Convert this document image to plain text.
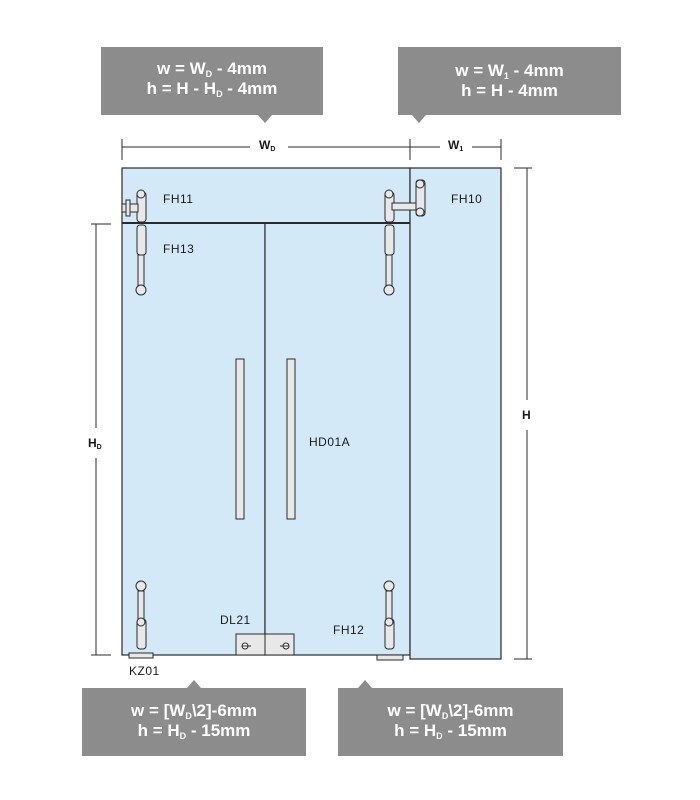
$w = W_D - 4mm$
$h = H - H_D - 4mm$
$w = W_1 - 4mm$
h = H - 4mm
$w = [W_D\backslash 2]-6mm$
$h = H_D - 15mm$
$w = [W_D\backslash 2]-6mm$
$h = H_D - 15mm$
$W_D$	$W_1$
H
$H_D$
FH11
FH13
FH10
HD01A
DL21
FH12
KZ01
